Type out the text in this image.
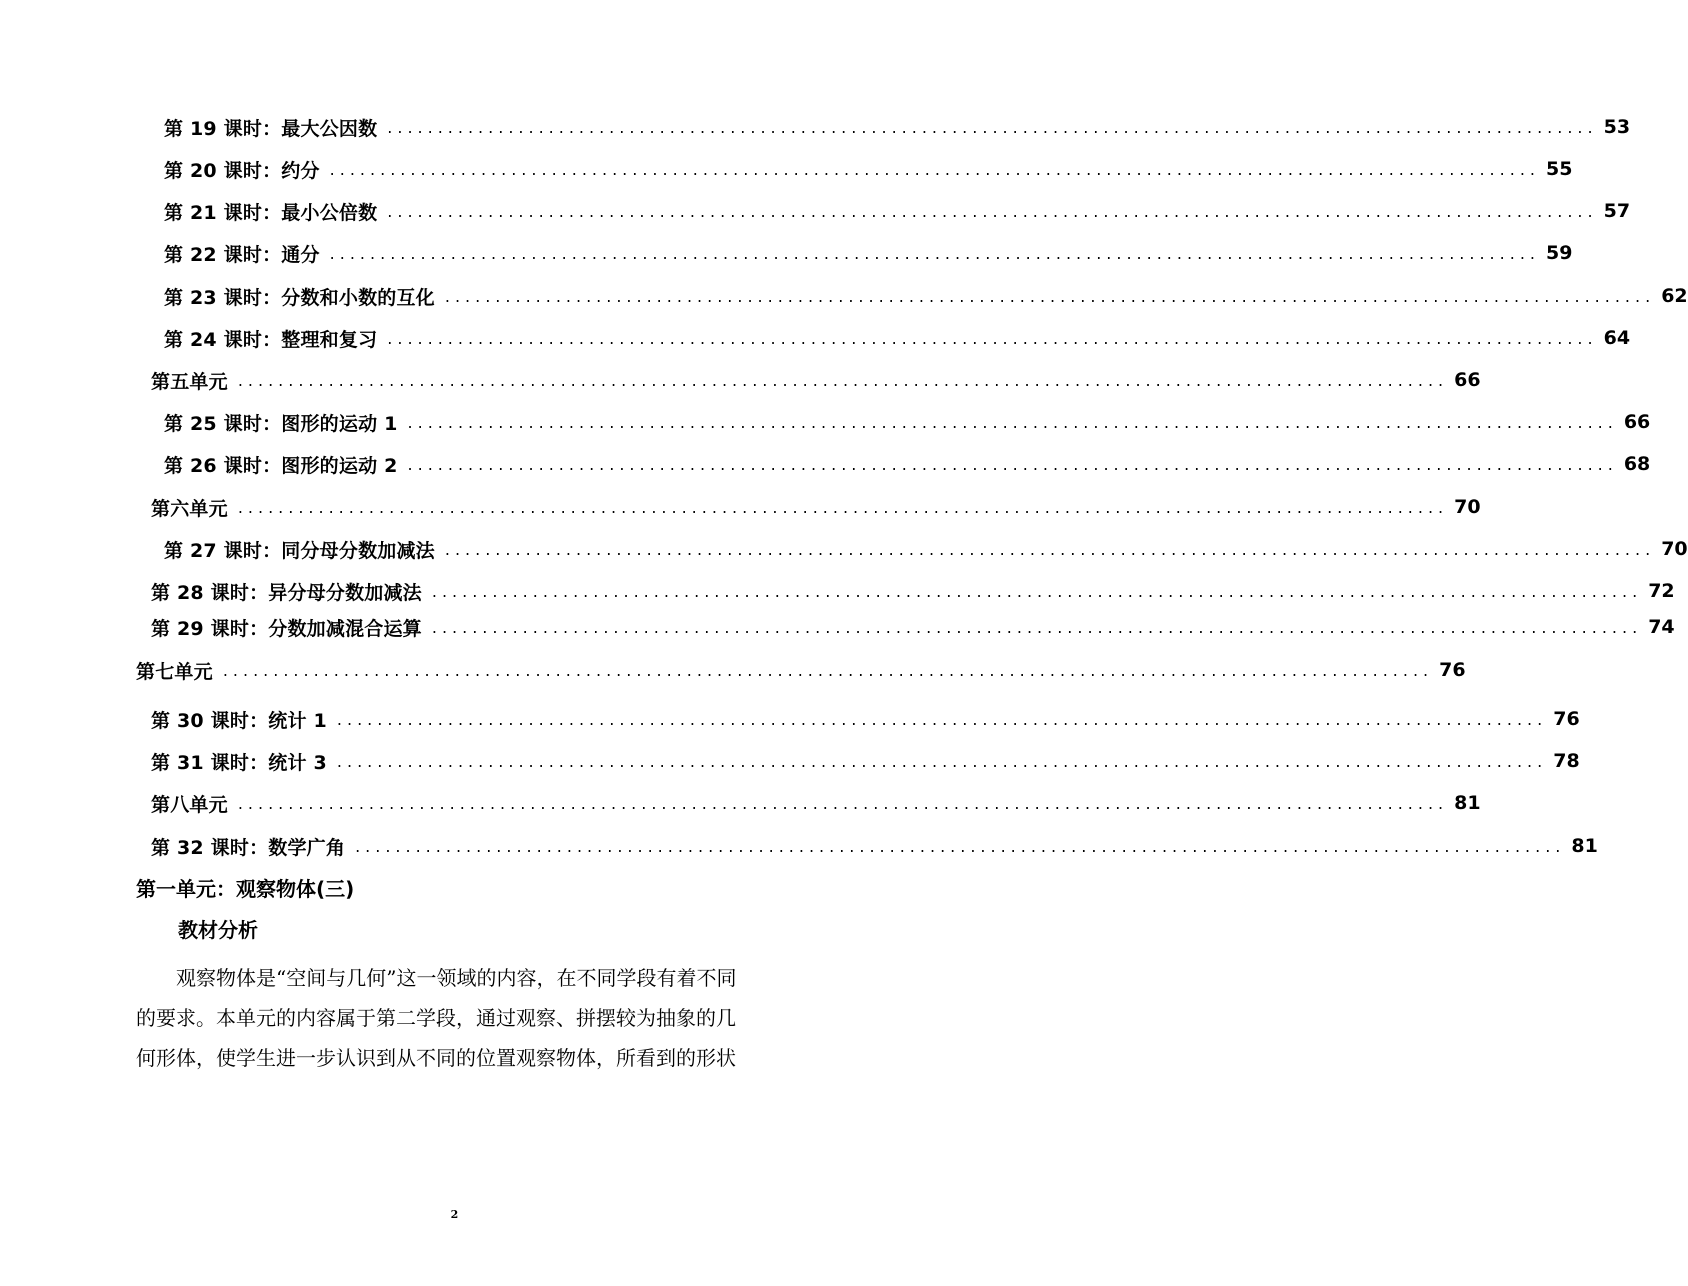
第 19 课时：最大公因数 ........................................................................................................................ 53
第 20 课时：约分 ........................................................................................................................ 55
第 21 课时：最小公倍数 ........................................................................................................................ 57
第 22 课时：通分 ........................................................................................................................ 59
第 23 课时：分数和小数的互化 ........................................................................................................................ 62
第 24 课时：整理和复习 ........................................................................................................................ 64
第五单元 ........................................................................................................................ 66
第 25 课时：图形的运动 1 ........................................................................................................................ 66
第 26 课时：图形的运动 2 ........................................................................................................................ 68
第六单元 ........................................................................................................................ 70
第 27 课时：同分母分数加减法 ........................................................................................................................ 70
第 28 课时：异分母分数加减法 ........................................................................................................................ 72
第 29 课时：分数加减混合运算 ........................................................................................................................ 74
第七单元 ........................................................................................................................ 76
第 30 课时：统计 1 ........................................................................................................................ 76
第 31 课时：统计 3 ........................................................................................................................ 78
第八单元 ........................................................................................................................ 81
第 32 课时：数学广角 ........................................................................................................................ 81
第一单元：观察物体(三)
教材分析
　　观察物体是“空间与几何”这一领域的内容，在不同学段有着不同
的要求。本单元的内容属于第二学段，通过观察、拼摆较为抽象的几
何形体，使学生进一步认识到从不同的位置观察物体，所看到的形状
2
